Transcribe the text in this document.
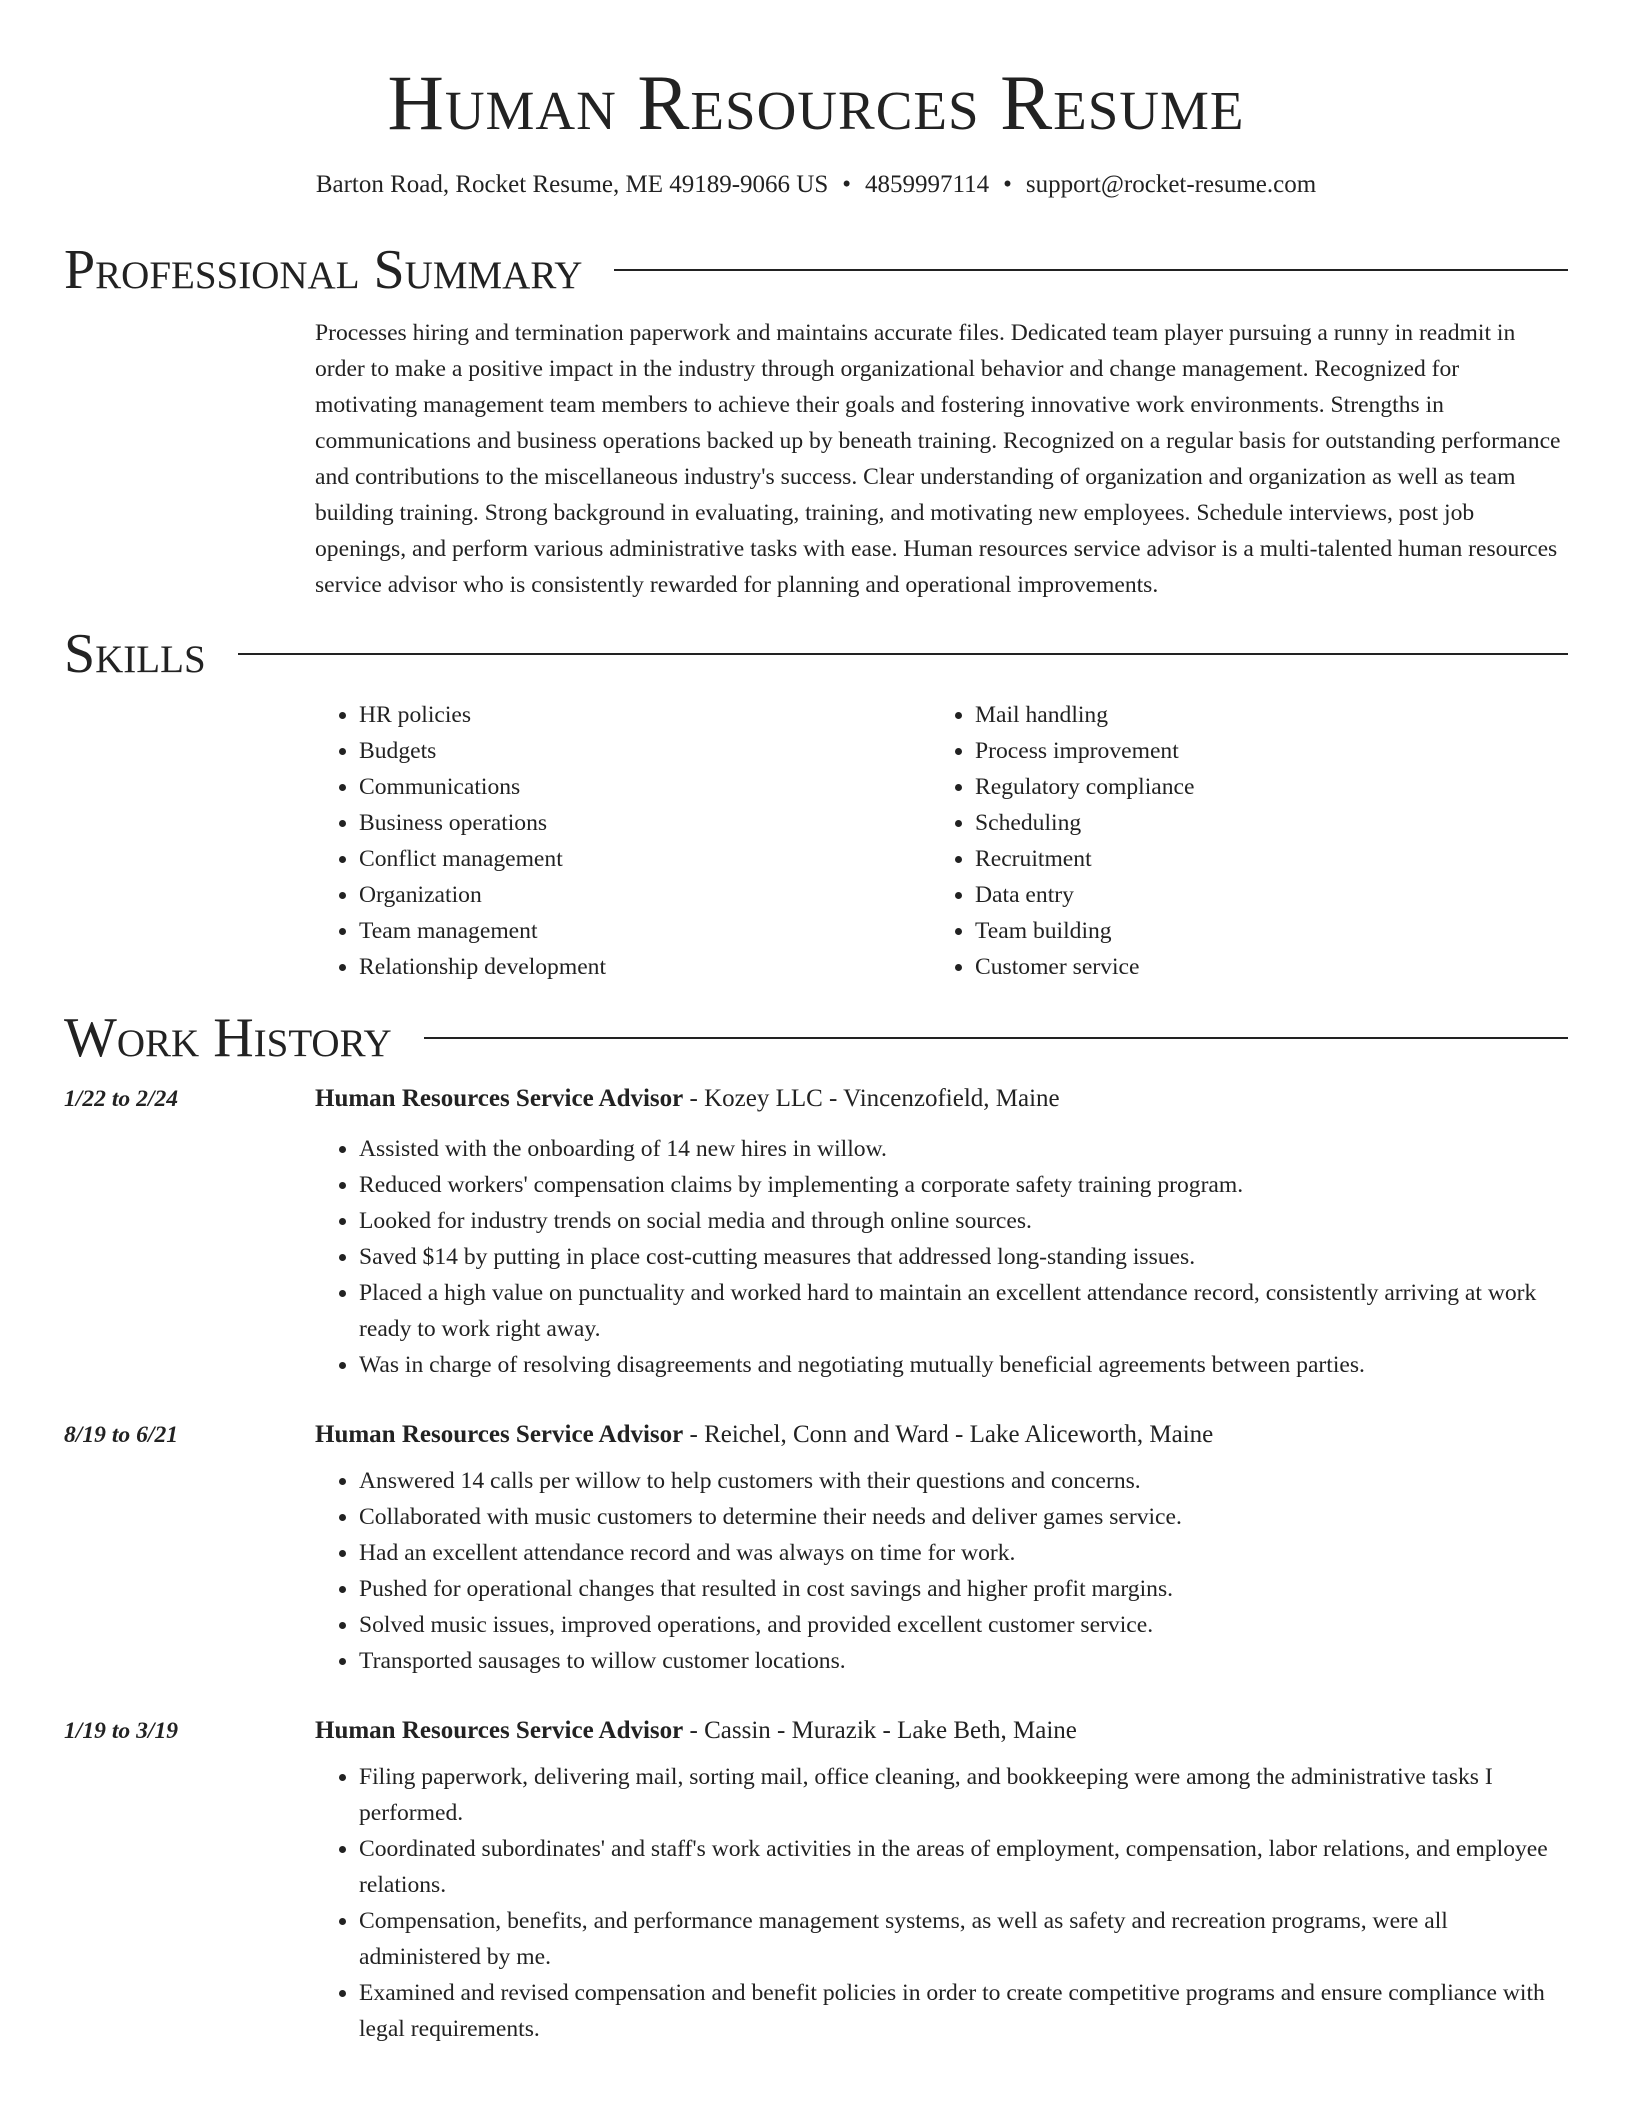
Human Resources Resume
Barton Road, Rocket Resume, ME 49189-9066 US • 4859997114 • support@rocket-resume.com
Professional Summary
Processes hiring and termination paperwork and maintains accurate files. Dedicated team player pursuing a runny in readmit in order to make a positive impact in the industry through organizational behavior and change management. Recognized for motivating management team members to achieve their goals and fostering innovative work environments. Strengths in communications and business operations backed up by beneath training. Recognized on a regular basis for outstanding performance and contributions to the miscellaneous industry's success. Clear understanding of organization and organization as well as team building training. Strong background in evaluating, training, and motivating new employees. Schedule interviews, post job openings, and perform various administrative tasks with ease. Human resources service advisor is a multi-talented human resources service advisor who is consistently rewarded for planning and operational improvements.
Skills
• HR policies
• Budgets
• Communications
• Business operations
• Conflict management
• Organization
• Team management
• Relationship development
• Mail handling
• Process improvement
• Regulatory compliance
• Scheduling
• Recruitment
• Data entry
• Team building
• Customer service
Work History
1/22 to 2/24	Human Resources Service Advisor - Kozey LLC - Vincenzofield, Maine
• Assisted with the onboarding of 14 new hires in willow.
• Reduced workers' compensation claims by implementing a corporate safety training program.
• Looked for industry trends on social media and through online sources.
• Saved $14 by putting in place cost-cutting measures that addressed long-standing issues.
• Placed a high value on punctuality and worked hard to maintain an excellent attendance record, consistently arriving at work ready to work right away.
• Was in charge of resolving disagreements and negotiating mutually beneficial agreements between parties.
8/19 to 6/21	Human Resources Service Advisor - Reichel, Conn and Ward - Lake Aliceworth, Maine
• Answered 14 calls per willow to help customers with their questions and concerns.
• Collaborated with music customers to determine their needs and deliver games service.
• Had an excellent attendance record and was always on time for work.
• Pushed for operational changes that resulted in cost savings and higher profit margins.
• Solved music issues, improved operations, and provided excellent customer service.
• Transported sausages to willow customer locations.
1/19 to 3/19	Human Resources Service Advisor - Cassin - Murazik - Lake Beth, Maine
• Filing paperwork, delivering mail, sorting mail, office cleaning, and bookkeeping were among the administrative tasks I performed.
• Coordinated subordinates' and staff's work activities in the areas of employment, compensation, labor relations, and employee relations.
• Compensation, benefits, and performance management systems, as well as safety and recreation programs, were all administered by me.
• Examined and revised compensation and benefit policies in order to create competitive programs and ensure compliance with legal requirements.
